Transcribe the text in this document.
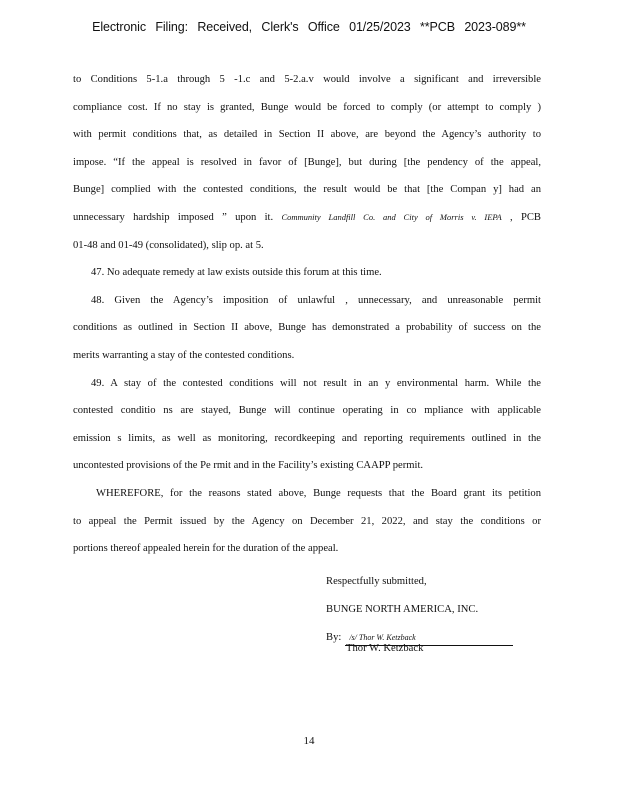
Electronic Filing: Received, Clerk's Office 01/25/2023 **PCB 2023-089**
to Conditions 5-1.a through 5 -1.c and 5-2.a.v would involve a significant and irreversible
compliance cost. If no stay is granted, Bunge would be forced to comply (or attempt to comply )
with permit conditions that, as detailed in Section II above, are beyond the Agency’s authority to
impose. “If the appeal is resolved in favor of [Bunge], but during [the pendency of the appeal,
Bunge] complied with the contested conditions, the result would be that [the Compan y] had an
unnecessary hardship imposed ” upon it. Community Landfill Co. and City of Morris v. IEPA , PCB
01-48 and 01-49 (consolidated), slip op. at 5.
47. No adequate remedy at law exists outside this forum at this time.
48. Given the Agency’s imposition of unlawful , unnecessary, and unreasonable permit
conditions as outlined in Section II above, Bunge has demonstrated a probability of success on the
merits warranting a stay of the contested conditions.
49. A stay of the contested conditions will not result in an y environmental harm. While the
contested conditio ns are stayed, Bunge will continue operating in co mpliance with applicable
emission s limits, as well as monitoring, recordkeeping and reporting requirements outlined in the
uncontested provisions of the Pe rmit and in the Facility’s existing CAAPP permit.
WHEREFORE, for the reasons stated above, Bunge requests that the Board grant its petition
to appeal the Permit issued by the Agency on December 21, 2022, and stay the conditions or
portions thereof appealed herein for the duration of the appeal.
Respectfully submitted,
BUNGE NORTH AMERICA, INC.
By: /s/ Thor W. Ketzback
Thor W. Ketzback
14
